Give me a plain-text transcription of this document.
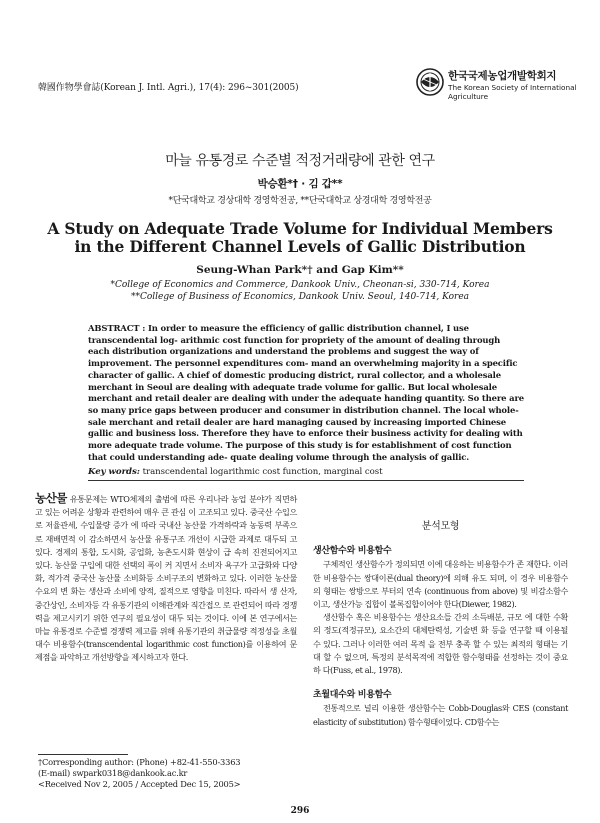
韓國作物學會誌(Korean J. Intl. Agri.), 17(4): 296~301(2005)
한국국제농업개발학회지
The Korean Society of International
Agriculture
마늘 유통경로 수준별 적정거래량에 관한 연구
박승환*† · 김 갑**
*단국대학교 경상대학 경영학전공, **단국대학교 상경대학 경영학전공
A Study on Adequate Trade Volume for Individual Members
in the Different Channel Levels of Gallic Distribution
Seung-Whan Park*† and Gap Kim**
*College of Economics and Commerce, Dankook Univ., Cheonan-si, 330-714, Korea
**College of Business of Economics, Dankook Univ. Seoul, 140-714, Korea
ABSTRACT : In order to measure the efficiency of gallic distribution channel, I use transcendental log- arithmic cost function for propriety of the amount of dealing through each distribution organizations and understand the problems and suggest the way of improvement. The personnel expenditures com- mand an overwhelming majority in a specific character of gallic. A chief of domestic producing district, rural collector, and a wholesale merchant in Seoul are dealing with adequate trade volume for gallic. But local wholesale merchant and retail dealer are dealing with under the adequate handing quantity. So there are so many price gaps between producer and consumer in distribution channel. The local whole- sale merchant and retail dealer are hard managing caused by increasing imported Chinese gallic and business loss. Therefore they have to enforce their business activity for dealing with more adequate trade volume. The purpose of this study is for establishment of cost function that could understanding ade- quate dealing volume through the analysis of gallic.
Key words: transcendental logarithmic cost function, marginal cost

농산물 유통문제는 WTO체제의 출범에 따른 우리나라 농업 분야가 직면하고 있는 어려운 상황과 관련하여 매우 큰 관심 이 고조되고 있다. 중국산 수입으로 저율관세, 수입물량 증가 에 따라 국내산 농산물 가격하락과 농동력 부족으로 재배면적 이 감소하면서 농산물 유통구조 개선이 시급한 과제로 대두되 고 있다. 경제의 통합, 도시화, 공업화, 농촌도시화 현상이 급 속히 진전되어지고 있다. 농산물 구입에 대한 선택의 폭이 커 지면서 소비자 욕구가 고급화와 다양화, 적가격 중국산 농산물 소비화등 소비구조의 변화하고 있다. 이러한 농산물 수요의 변 화는 생산과 소비에 양적, 질적으로 영향을 미친다. 따라서 생 산자, 중간상인, 소비자등 각 유통기관의 이해관계와 직간접으 로 관련되어 따라 경쟁력을 제고시키기 위한 연구의 필요성이 대두 되는 것이다. 이에 본 연구에서는 마늘 유통경로 수준별 경쟁력 제고를 위해 유통기관의 취급물량 적정성을 초월대수 비용함수(transcendental logarithmic cost function)를 이용하여 문제점을 파악하고 개선방향을 제시하고자 한다.

분석모형
생산함수와 비용함수
구체적인 생산함수가 정의되면 이에 대응하는 비용함수가 존 재한다. 이러한 비용함수는 쌍대이론(dual theory)에 의해 유도 되며, 이 경우 비용함수의 형태는 쌍방으로 부터의 연속 (continuous from above) 및 비감소함수이고, 생산가능 집합이 볼록집합이어야 한다(Diewer, 1982).
생산함수 혹은 비용함수는 생산요소들 간의 소득배분, 규모 에 대한 수확의 정도(적정규모), 요소간의 대체탄력성, 기술변 화 등을 연구할 때 이용될 수 있다. 그러나 이러한 여러 목적 을 전부 충족 할 수 있는 최적의 형태는 기대 할 수 없으며, 특정의 분석목적에 적합한 함수형태를 선정하는 것이 중요하 다(Fuss, et al., 1978).
초월대수와 비용함수
전통적으로 널리 이용한 생산함수는 Cobb-Douglas와 CES (constant elasticity of substitution) 함수형태이었다. CD함수는
†Corresponding author: (Phone) +82-41-550-3363
(E-mail) swpark0318@dankook.ac.kr
<Received Nov 2, 2005 / Accepted Dec 15, 2005>
296
